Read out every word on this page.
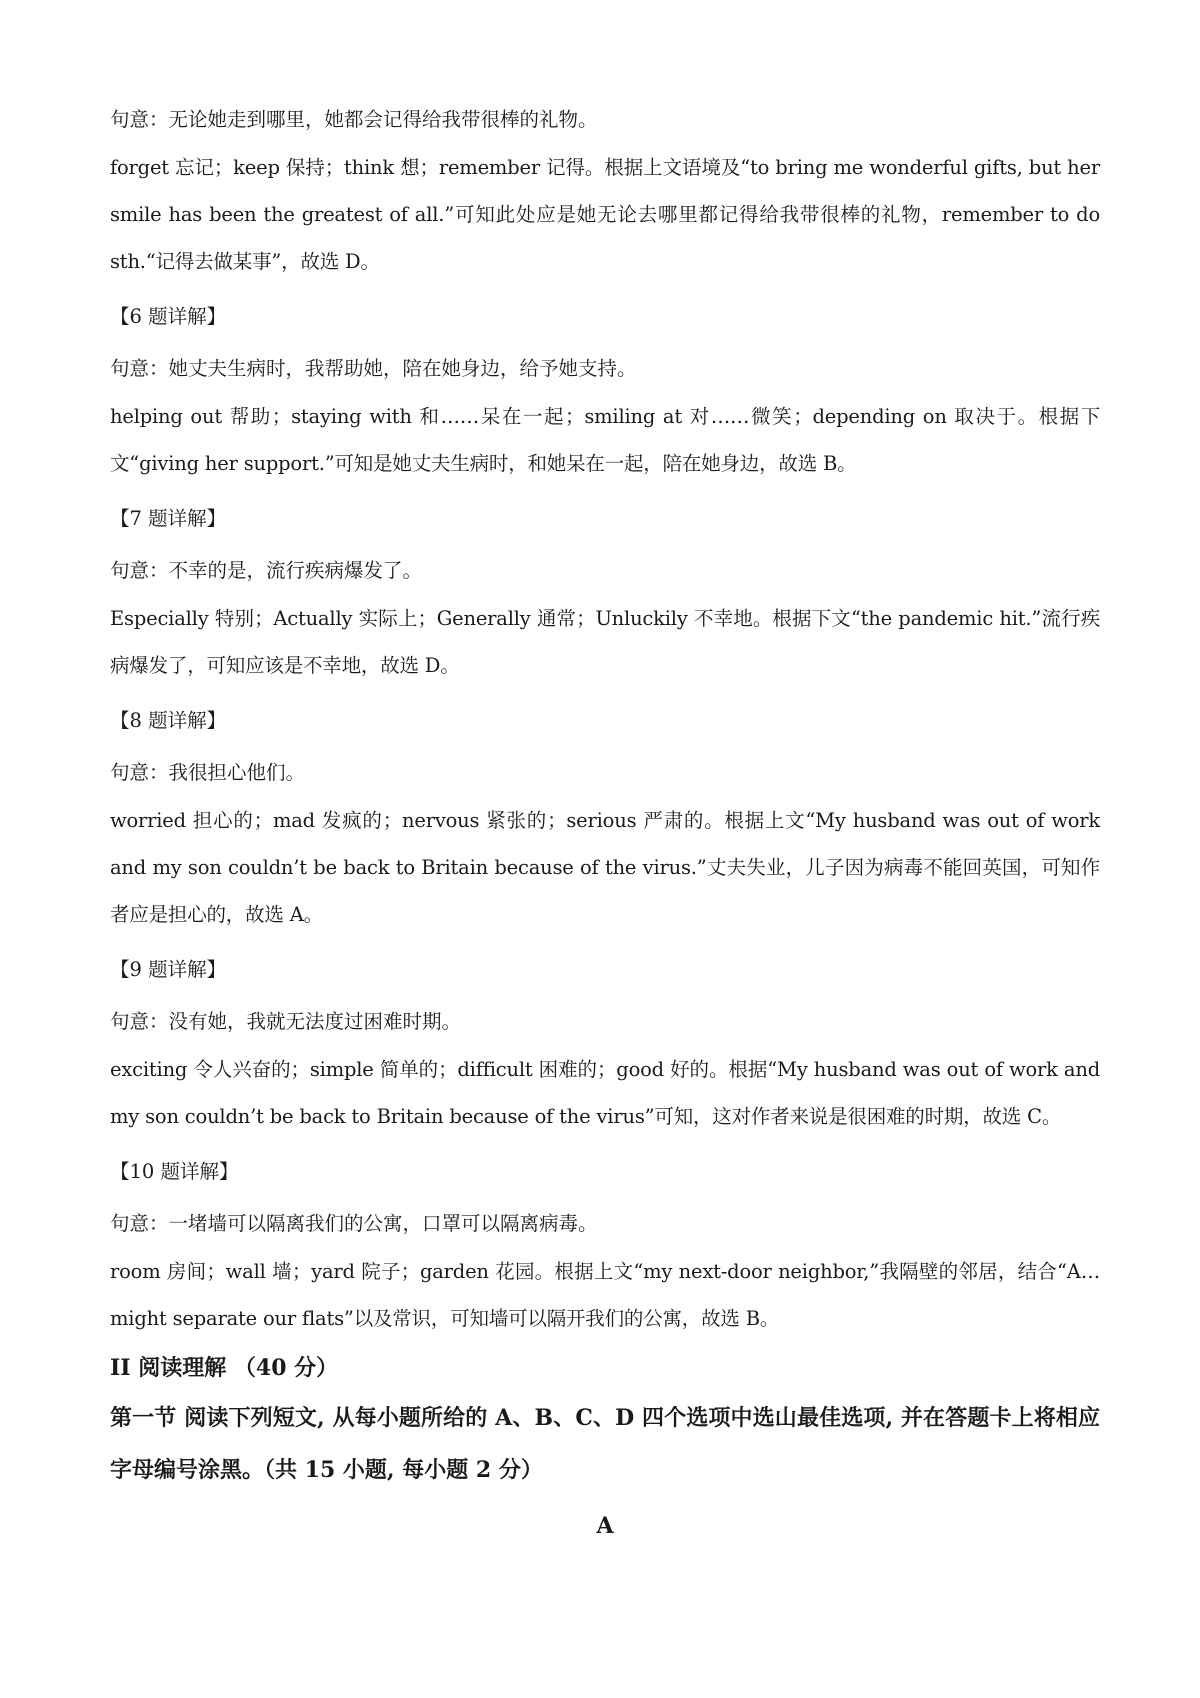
句意：无论她走到哪里，她都会记得给我带很棒的礼物。

forget 忘记；keep 保持；think 想；remember 记得。根据上文语境及“to bring me wonderful gifts, but her smile has been the greatest of all.”可知此处应是她无论去哪里都记得给我带很棒的礼物，remember to do sth.“记得去做某事”，故选 D。

【6 题详解】

句意：她丈夫生病时，我帮助她，陪在她身边，给予她支持。

helping out 帮助；staying with 和……呆在一起；smiling at 对……微笑；depending on 取决于。根据下文“giving her support.”可知是她丈夫生病时，和她呆在一起，陪在她身边，故选 B。

【7 题详解】

句意：不幸的是，流行疾病爆发了。

Especially 特别；Actually 实际上；Generally 通常；Unluckily 不幸地。根据下文“the pandemic hit.”流行疾病爆发了，可知应该是不幸地，故选 D。

【8 题详解】

句意：我很担心他们。

worried 担心的；mad 发疯的；nervous 紧张的；serious 严肃的。根据上文“My husband was out of work and my son couldn’t be back to Britain because of the virus.”丈夫失业，儿子因为病毒不能回英国，可知作者应是担心的，故选 A。

【9 题详解】

句意：没有她，我就无法度过困难时期。

exciting 令人兴奋的；simple 简单的；difficult 困难的；good 好的。根据“My husband was out of work and my son couldn’t be back to Britain because of the virus”可知，这对作者来说是很困难的时期，故选 C。

【10 题详解】

句意：一堵墙可以隔离我们的公寓，口罩可以隔离病毒。

room 房间；wall 墙；yard 院子；garden 花园。根据上文“my next-door neighbor,”我隔壁的邻居，结合“A… might separate our flats”以及常识，可知墙可以隔开我们的公寓，故选 B。

II 阅读理解 （40 分）

第一节 阅读下列短文, 从每小题所给的 A、B、C、D 四个选项中选山最佳选项, 并在答题卡上将相应字母编号涂黑。（共 15 小题, 每小题 2 分）

A
